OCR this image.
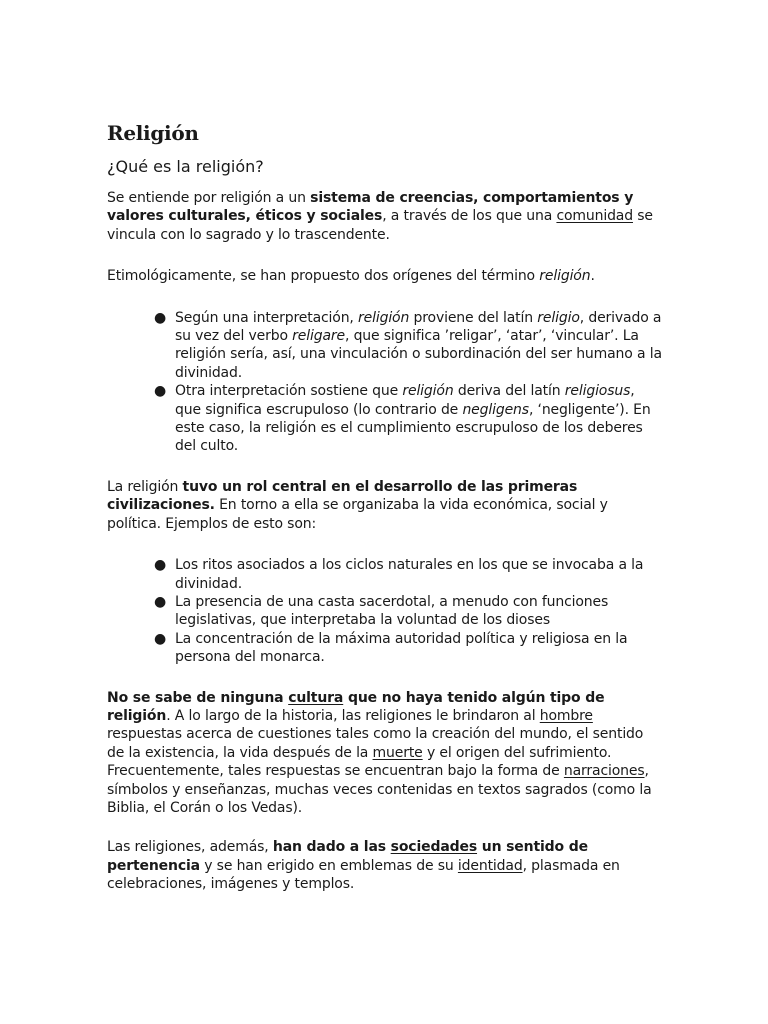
Religión
¿Qué es la religión?

Se entiende por religión a un sistema de creencias, comportamientos y valores culturales, éticos y sociales, a través de los que una comunidad se vincula con lo sagrado y lo trascendente.

Etimológicamente, se han propuesto dos orígenes del término religión.

● Según una interpretación, religión proviene del latín religio, derivado a su vez del verbo religare, que significa ’religar’, ‘atar’, ‘vincular’. La religión sería, así, una vinculación o subordinación del ser humano a la divinidad.
● Otra interpretación sostiene que religión deriva del latín religiosus, que significa escrupuloso (lo contrario de negligens, ‘negligente’). En este caso, la religión es el cumplimiento escrupuloso de los deberes del culto.

La religión tuvo un rol central en el desarrollo de las primeras civilizaciones. En torno a ella se organizaba la vida económica, social y política. Ejemplos de esto son:

● Los ritos asociados a los ciclos naturales en los que se invocaba a la divinidad.
● La presencia de una casta sacerdotal, a menudo con funciones legislativas, que interpretaba la voluntad de los dioses
● La concentración de la máxima autoridad política y religiosa en la persona del monarca.

No se sabe de ninguna cultura que no haya tenido algún tipo de religión. A lo largo de la historia, las religiones le brindaron al hombre respuestas acerca de cuestiones tales como la creación del mundo, el sentido de la existencia, la vida después de la muerte y el origen del sufrimiento. Frecuentemente, tales respuestas se encuentran bajo la forma de narraciones, símbolos y enseñanzas, muchas veces contenidas en textos sagrados (como la Biblia, el Corán o los Vedas).

Las religiones, además, han dado a las sociedades un sentido de pertenencia y se han erigido en emblemas de su identidad, plasmada en celebraciones, imágenes y templos.
